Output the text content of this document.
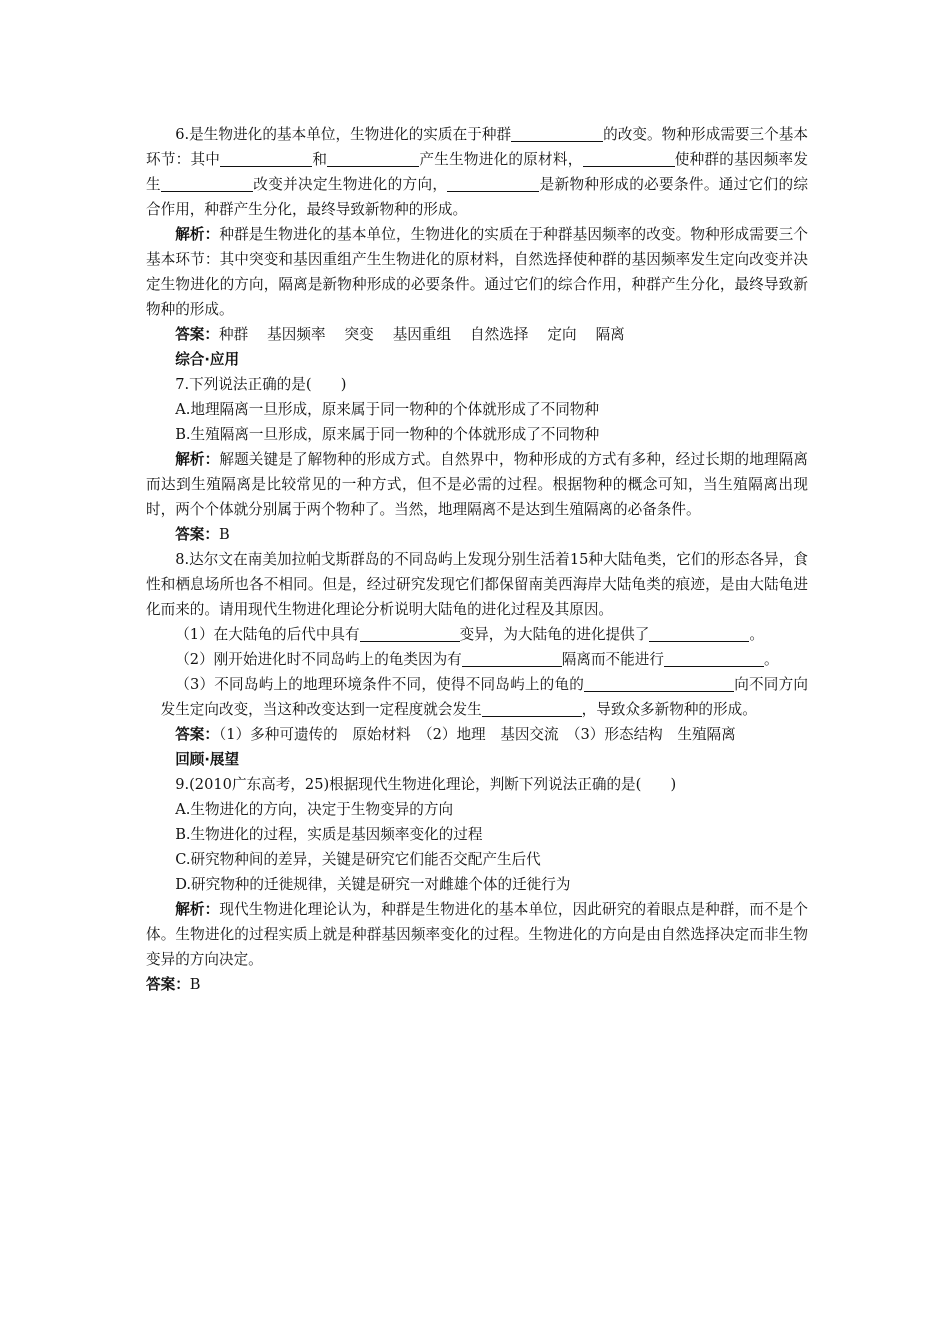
6.是生物进化的基本单位，生物进化的实质在于种群	的改变。物种形成需要三个基本环节：其中	和	产生生物进化的原材料，	使种群的基因频率发生	改变并决定生物进化的方向，	是新物种形成的必要条件。通过它们的综合作用，种群产生分化，最终导致新物种的形成。

解析：种群是生物进化的基本单位，生物进化的实质在于种群基因频率的改变。物种形成需要三个基本环节：其中突变和基因重组产生生物进化的原材料，自然选择使种群的基因频率发生定向改变并决定生物进化的方向，隔离是新物种形成的必要条件。通过它们的综合作用，种群产生分化，最终导致新物种的形成。

答案：种群 基因频率 突变 基因重组 自然选择 定向 隔离

综合·应用

7.下列说法正确的是(　　)

A.地理隔离一旦形成，原来属于同一物种的个体就形成了不同物种

B.生殖隔离一旦形成，原来属于同一物种的个体就形成了不同物种

解析：解题关键是了解物种的形成方式。自然界中，物种形成的方式有多种，经过长期的地理隔离而达到生殖隔离是比较常见的一种方式，但不是必需的过程。根据物种的概念可知，当生殖隔离出现时，两个个体就分别属于两个物种了。当然，地理隔离不是达到生殖隔离的必备条件。

答案：B

8.达尔文在南美加拉帕戈斯群岛的不同岛屿上发现分别生活着15种大陆龟类，它们的形态各异，食性和栖息场所也各不相同。但是，经过研究发现它们都保留南美西海岸大陆龟类的痕迹，是由大陆龟进化而来的。请用现代生物进化理论分析说明大陆龟的进化过程及其原因。

（1）在大陆龟的后代中具有	变异，为大陆龟的进化提供了	。

（2）刚开始进化时不同岛屿上的龟类因为有	隔离而不能进行	。

（3）不同岛屿上的地理环境条件不同，使得不同岛屿上的龟的	向不同方向发生定向改变，当这种改变达到一定程度就会发生	，导致众多新物种的形成。

答案：（1）多种可遗传的　原始材料　（2）地理　基因交流　（3）形态结构　生殖隔离

回顾·展望

9.(2010广东高考，25)根据现代生物进化理论，判断下列说法正确的是(　　)

A.生物进化的方向，决定于生物变异的方向

B.生物进化的过程，实质是基因频率变化的过程

C.研究物种间的差异，关键是研究它们能否交配产生后代

D.研究物种的迁徙规律，关键是研究一对雌雄个体的迁徙行为

解析：现代生物进化理论认为，种群是生物进化的基本单位，因此研究的着眼点是种群，而不是个体。生物进化的过程实质上就是种群基因频率变化的过程。生物进化的方向是由自然选择决定而非生物变异的方向决定。

答案：B
